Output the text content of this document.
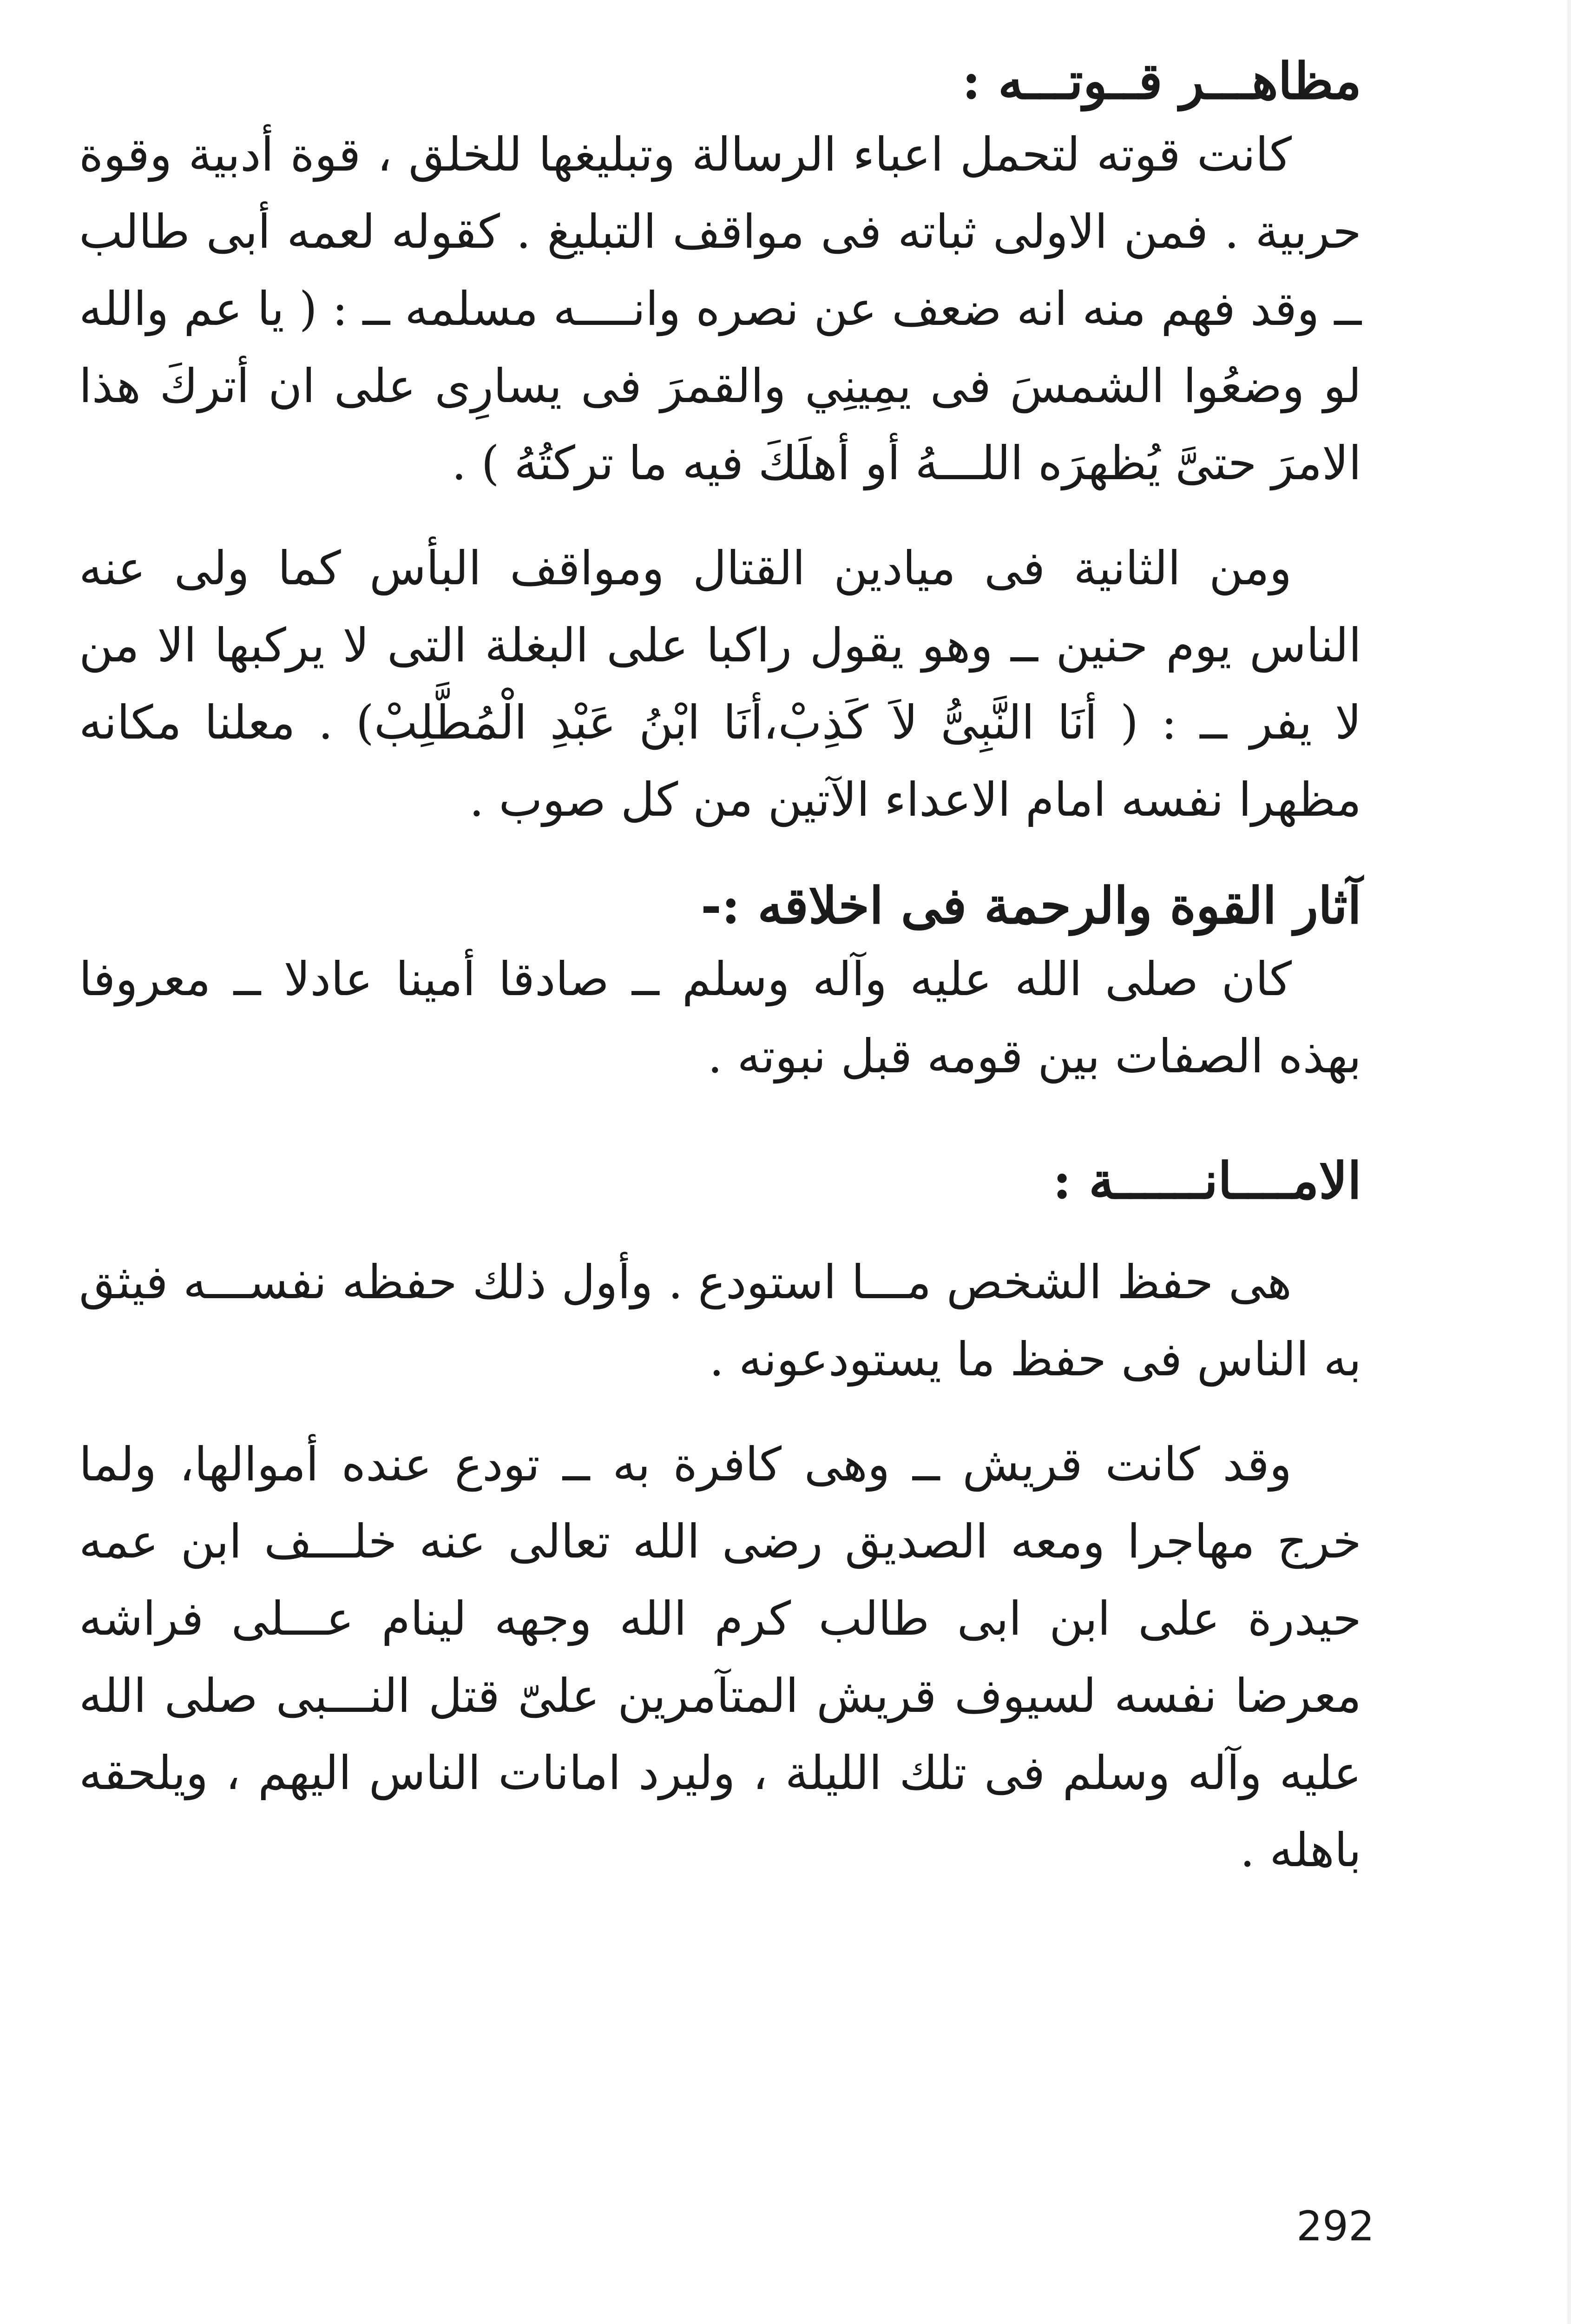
مظاهـــر قــوتـــه :

كانت قوته لتحمل اعباء الرسالة وتبليغها للخلق ، قوة أدبية وقوة حربية . فمن الاولى ثباته فى مواقف التبليغ . كقوله لعمه أبى طالب ــ وقد فهم منه انه ضعف عن نصره وانــــه مسلمه ــ : ( يا عم والله لو وضعُوا الشمسَ فى يمِينِي والقمرَ فى يسارِى على ان أتركَ هذا الامرَ حتىَّ يُظهرَه اللـــهُ أو أهلَكَ فيه ما تركتُهُ ) .

ومن الثانية فى ميادين القتال ومواقف البأس كما ولى عنه الناس يوم حنين ــ وهو يقول راكبا على البغلة التى لا يركبها الا من لا يفر ــ : ( أنَا النَّبِىُّ لاَ كَذِبْ،أنَا ابْنُ عَبْدِ الْمُطَّلِبْ) . معلنا مكانه مظهرا نفسه امام الاعداء الآتين من كل صوب .

آثار القوة والرحمة فى اخلاقه :-

كان صلى الله عليه وآله وسلم ــ صادقا أمينا عادلا ــ معروفا بهذه الصفات بين قومه قبل نبوته .

الامــــانــــــة :

هى حفظ الشخص مـــا استودع . وأول ذلك حفظه نفســـه فيثق به الناس فى حفظ ما يستودعونه .

وقد كانت قريش ــ وهى كافرة به ــ تودع عنده أموالها، ولما خرج مهاجرا ومعه الصديق رضى الله تعالى عنه خلـــف ابن عمه حيدرة على ابن ابى طالب كرم الله وجهه لينام عـــلى فراشه معرضا نفسه لسيوف قريش المتآمرين علىّ قتل النـــبى صلى الله عليه وآله وسلم فى تلك الليلة ، وليرد امانات الناس اليهم ، ويلحقه باهله .

292
